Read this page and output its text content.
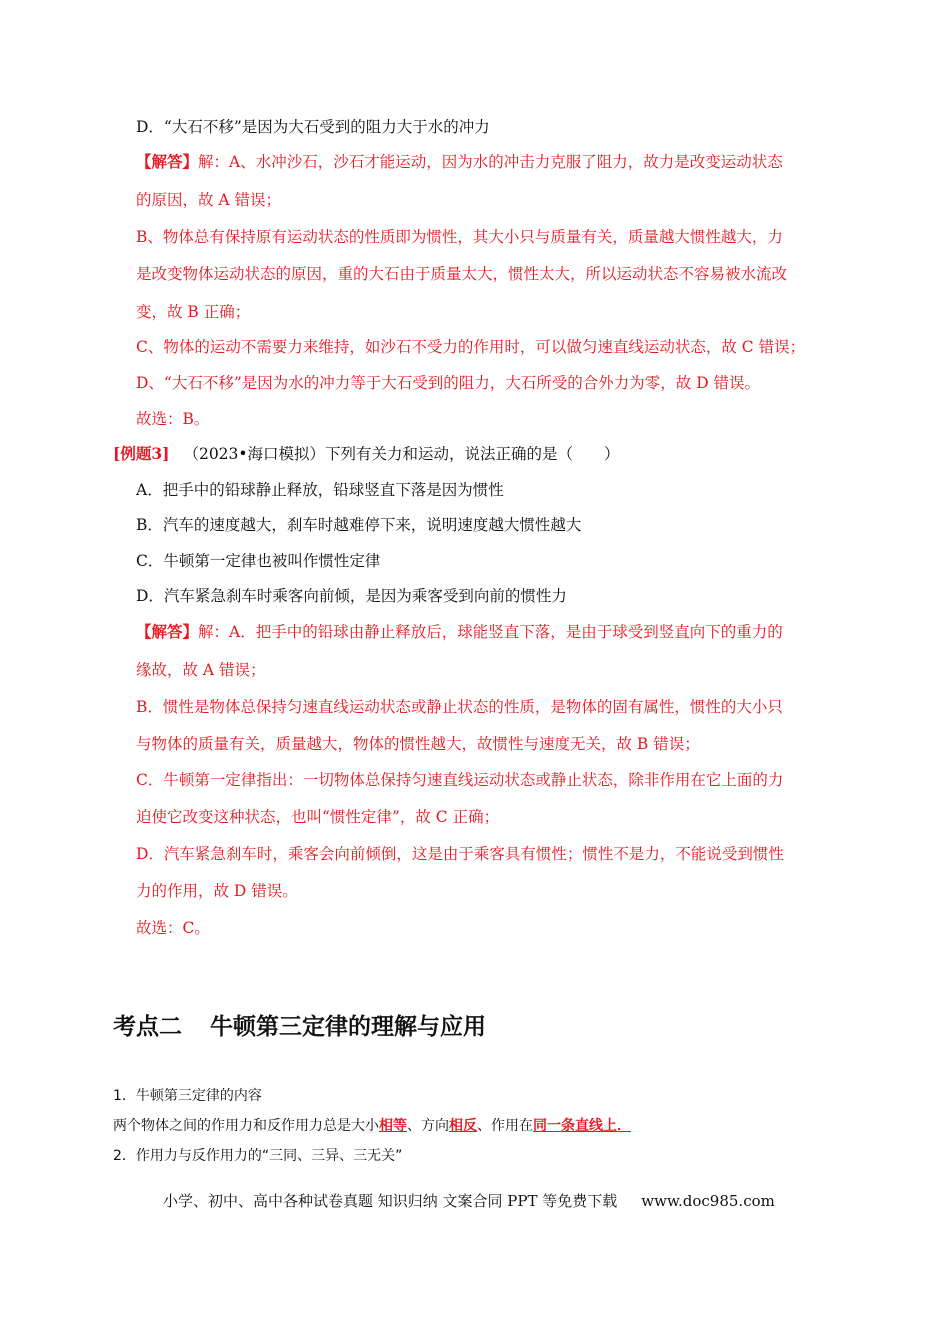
D．“大石不移”是因为大石受到的阻力大于水的冲力
【解答】解：A、水冲沙石，沙石才能运动，因为水的冲击力克服了阻力，故力是改变运动状态
的原因，故 A 错误；
B、物体总有保持原有运动状态的性质即为惯性，其大小只与质量有关，质量越大惯性越大，力
是改变物体运动状态的原因，重的大石由于质量太大，惯性太大，所以运动状态不容易被水流改
变，故 B 正确；
C、物体的运动不需要力来维持，如沙石不受力的作用时，可以做匀速直线运动状态，故 C 错误；
D、“大石不移”是因为水的冲力等于大石受到的阻力，大石所受的合外力为零，故 D 错误。
故选：B。
[例题3] （2023•海口模拟）下列有关力和运动，说法正确的是（　　）
A．把手中的铅球静止释放，铅球竖直下落是因为惯性
B．汽车的速度越大，刹车时越难停下来，说明速度越大惯性越大
C．牛顿第一定律也被叫作惯性定律
D．汽车紧急刹车时乘客向前倾，是因为乘客受到向前的惯性力
【解答】解：A．把手中的铅球由静止释放后，球能竖直下落，是由于球受到竖直向下的重力的
缘故，故 A 错误；
B．惯性是物体总保持匀速直线运动状态或静止状态的性质，是物体的固有属性，惯性的大小只
与物体的质量有关，质量越大，物体的惯性越大，故惯性与速度无关，故 B 错误；
C．牛顿第一定律指出：一切物体总保持匀速直线运动状态或静止状态，除非作用在它上面的力
迫使它改变这种状态，也叫“惯性定律”，故 C 正确；
D．汽车紧急刹车时，乘客会向前倾倒，这是由于乘客具有惯性；惯性不是力，不能说受到惯性
力的作用，故 D 错误。
故选：C。
考点二 牛顿第三定律的理解与应用
1．牛顿第三定律的内容
两个物体之间的作用力和反作用力总是大小相等、方向相反、作用在同一条直线上．
2．作用力与反作用力的“三同、三异、三无关”
小学、初中、高中各种试卷真题 知识归纳 文案合同 PPT 等免费下载 www.doc985.com
